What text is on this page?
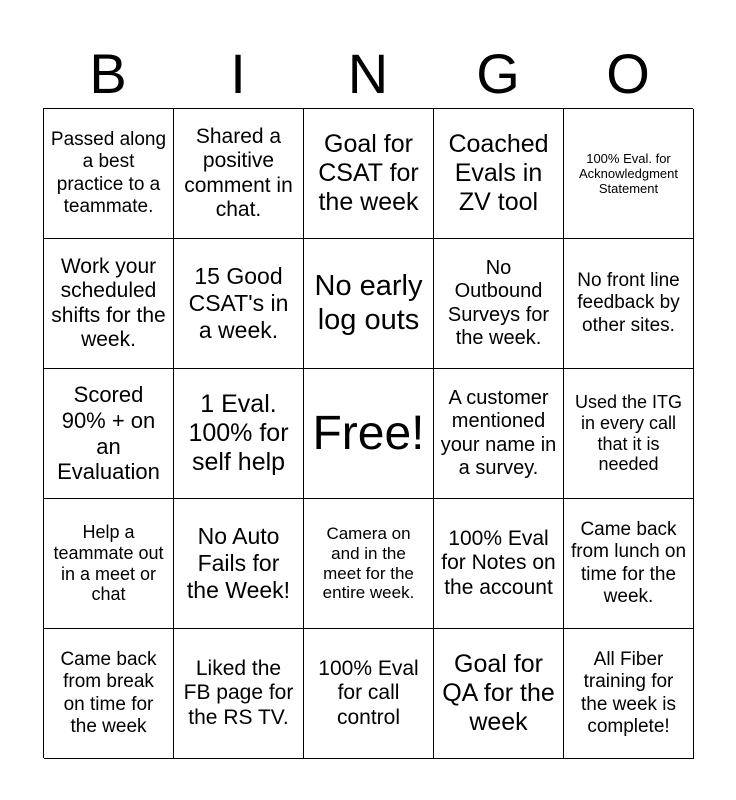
B	I	N	G	O
Passed along a best practice to a teammate.
Shared a positive comment in chat.
Goal for CSAT for the week
Coached Evals in ZV tool
100% Eval. for Acknowledgment Statement
Work your scheduled shifts for the week.
15 Good CSAT's in a week.
No early log outs
No Outbound Surveys for the week.
No front line feedback by other sites.
Scored 90% + on an Evaluation
1 Eval. 100% for self help
Free!
A customer mentioned your name in a survey.
Used the ITG in every call that it is needed
Help a teammate out in a meet or chat
No Auto Fails for the Week!
Camera on and in the meet for the entire week.
100% Eval for Notes on the account
Came back from lunch on time for the week.
Came back from break on time for the week
Liked the FB page for the RS TV.
100% Eval for call control
Goal for QA for the week
All Fiber training for the week is complete!
